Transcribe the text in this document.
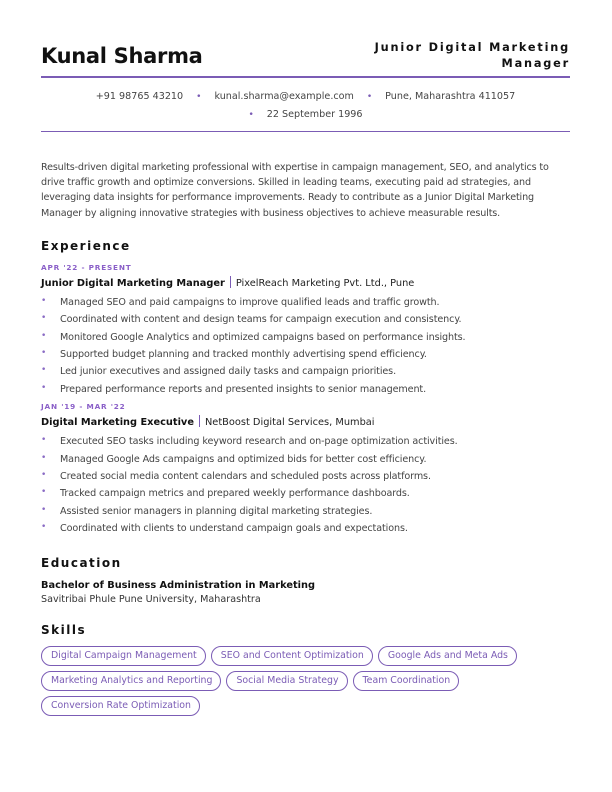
Kunal Sharma	Junior Digital Marketing
Manager
+91 98765 43210 • kunal.sharma@example.com • Pune, Maharashtra 411057
• 22 September 1996
Results-driven digital marketing professional with expertise in campaign management, SEO, and analytics to drive traffic growth and optimize conversions. Skilled in leading teams, executing paid ad strategies, and leveraging data insights for performance improvements. Ready to contribute as a Junior Digital Marketing Manager by aligning innovative strategies with business objectives to achieve measurable results.
Experience
APR '22 - PRESENT
Junior Digital Marketing Manager PixelReach Marketing Pvt. Ltd., Pune
• Managed SEO and paid campaigns to improve qualified leads and traffic growth.
• Coordinated with content and design teams for campaign execution and consistency.
• Monitored Google Analytics and optimized campaigns based on performance insights.
• Supported budget planning and tracked monthly advertising spend efficiency.
• Led junior executives and assigned daily tasks and campaign priorities.
• Prepared performance reports and presented insights to senior management.
JAN '19 - MAR '22
Digital Marketing Executive NetBoost Digital Services, Mumbai
• Executed SEO tasks including keyword research and on-page optimization activities.
• Managed Google Ads campaigns and optimized bids for better cost efficiency.
• Created social media content calendars and scheduled posts across platforms.
• Tracked campaign metrics and prepared weekly performance dashboards.
• Assisted senior managers in planning digital marketing strategies.
• Coordinated with clients to understand campaign goals and expectations.
Education
Bachelor of Business Administration in Marketing
Savitribai Phule Pune University, Maharashtra
Skills
Digital Campaign Management	SEO and Content Optimization	Google Ads and Meta Ads
Marketing Analytics and Reporting	Social Media Strategy	Team Coordination
Conversion Rate Optimization
